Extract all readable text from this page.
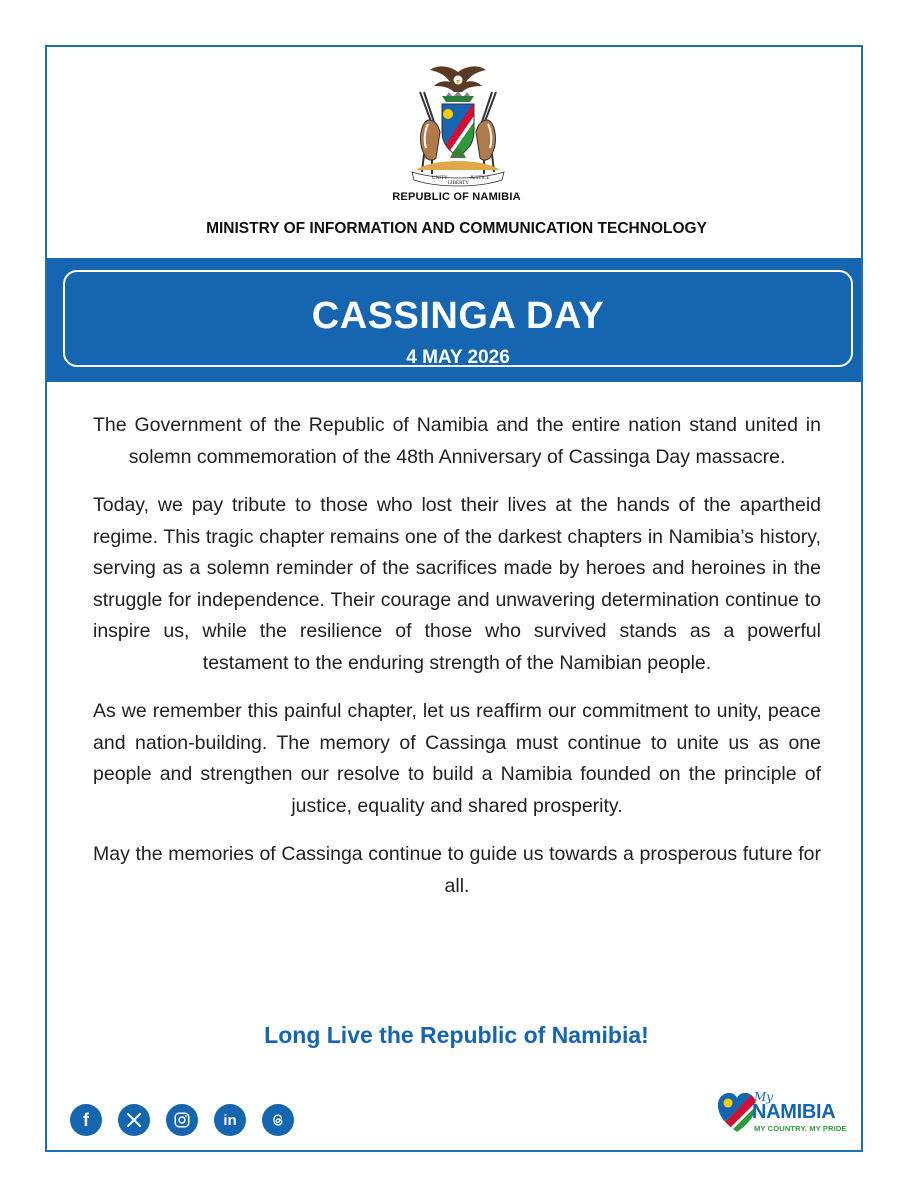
UNITY
LIBERTY
JUSTICE
REPUBLIC OF NAMIBIA
MINISTRY OF INFORMATION AND COMMUNICATION TECHNOLOGY
CASSINGA DAY
4 MAY 2026

The Government of the Republic of Namibia and the entire nation stand united in solemn commemoration of the 48th Anniversary of Cassinga Day massacre.

Today, we pay tribute to those who lost their lives at the hands of the apartheid regime. This tragic chapter remains one of the darkest chapters in Namibia’s history, serving as a solemn reminder of the sacrifices made by heroes and heroines in the struggle for independence. Their courage and unwavering determination continue to inspire us, while the resilience of those who survived stands as a powerful testament to the enduring strength of the Namibian people.

As we remember this painful chapter, let us reaffirm our commitment to unity, peace and nation-building. The memory of Cassinga must continue to unite us as one people and strengthen our resolve to build a Namibia founded on the principle of justice, equality and shared prosperity.

May the memories of Cassinga continue to guide us towards a prosperous future for all.

Long Live the Republic of Namibia!
f	in
My
NAMIBIA
MY COUNTRY. MY PRIDE
